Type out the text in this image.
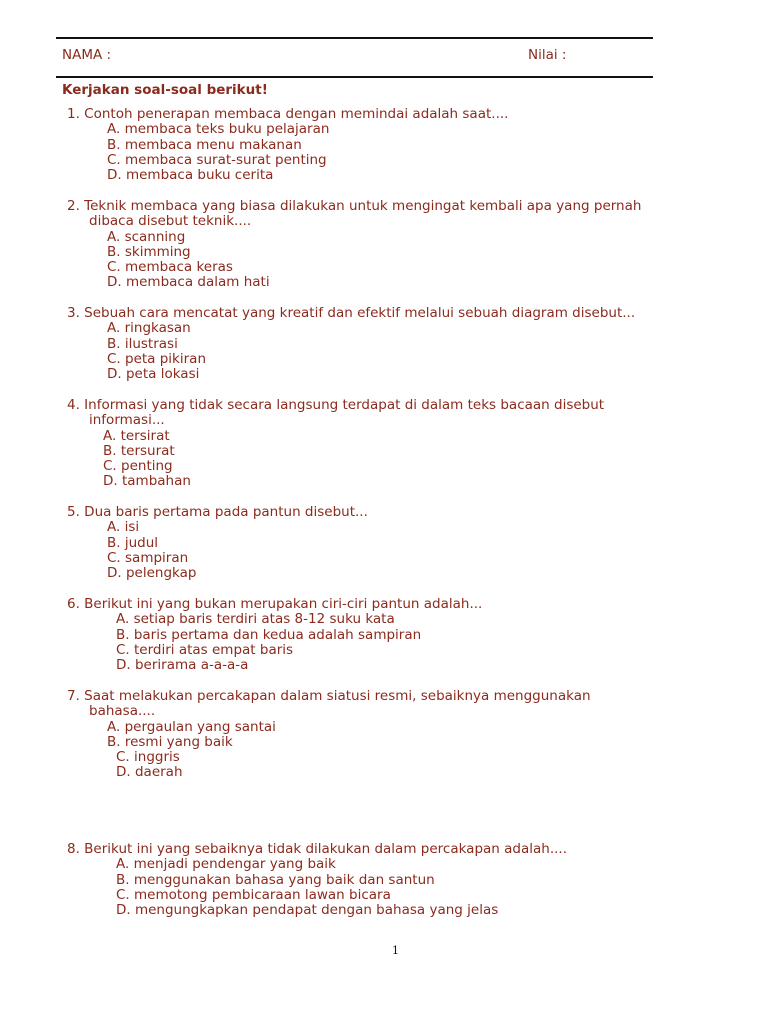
NAMA :	Nilai :
Kerjakan soal-soal berikut!
1. Contoh penerapan membaca dengan memindai adalah saat....
A. membaca teks buku pelajaran
B. membaca menu makanan
C. membaca surat-surat penting
D. membaca buku cerita
2. Teknik membaca yang biasa dilakukan untuk mengingat kembali apa yang pernah
dibaca disebut teknik....
A. scanning
B. skimming
C. membaca keras
D. membaca dalam hati
3. Sebuah cara mencatat yang kreatif dan efektif melalui sebuah diagram disebut...
A. ringkasan
B. ilustrasi
C. peta pikiran
D. peta lokasi
4. Informasi yang tidak secara langsung terdapat di dalam teks bacaan disebut
informasi...
A. tersirat
B. tersurat
C. penting
D. tambahan
5. Dua baris pertama pada pantun disebut...
A. isi
B. judul
C. sampiran
D. pelengkap
6. Berikut ini yang bukan merupakan ciri-ciri pantun adalah...
A. setiap baris terdiri atas 8-12 suku kata
B. baris pertama dan kedua adalah sampiran
C. terdiri atas empat baris
D. berirama a-a-a-a
7. Saat melakukan percakapan dalam siatusi resmi, sebaiknya menggunakan
bahasa....
A. pergaulan yang santai
B. resmi yang baik
C. inggris
D. daerah
8. Berikut ini yang sebaiknya tidak dilakukan dalam percakapan adalah....
A. menjadi pendengar yang baik
B. menggunakan bahasa yang baik dan santun
C. memotong pembicaraan lawan bicara
D. mengungkapkan pendapat dengan bahasa yang jelas
1
